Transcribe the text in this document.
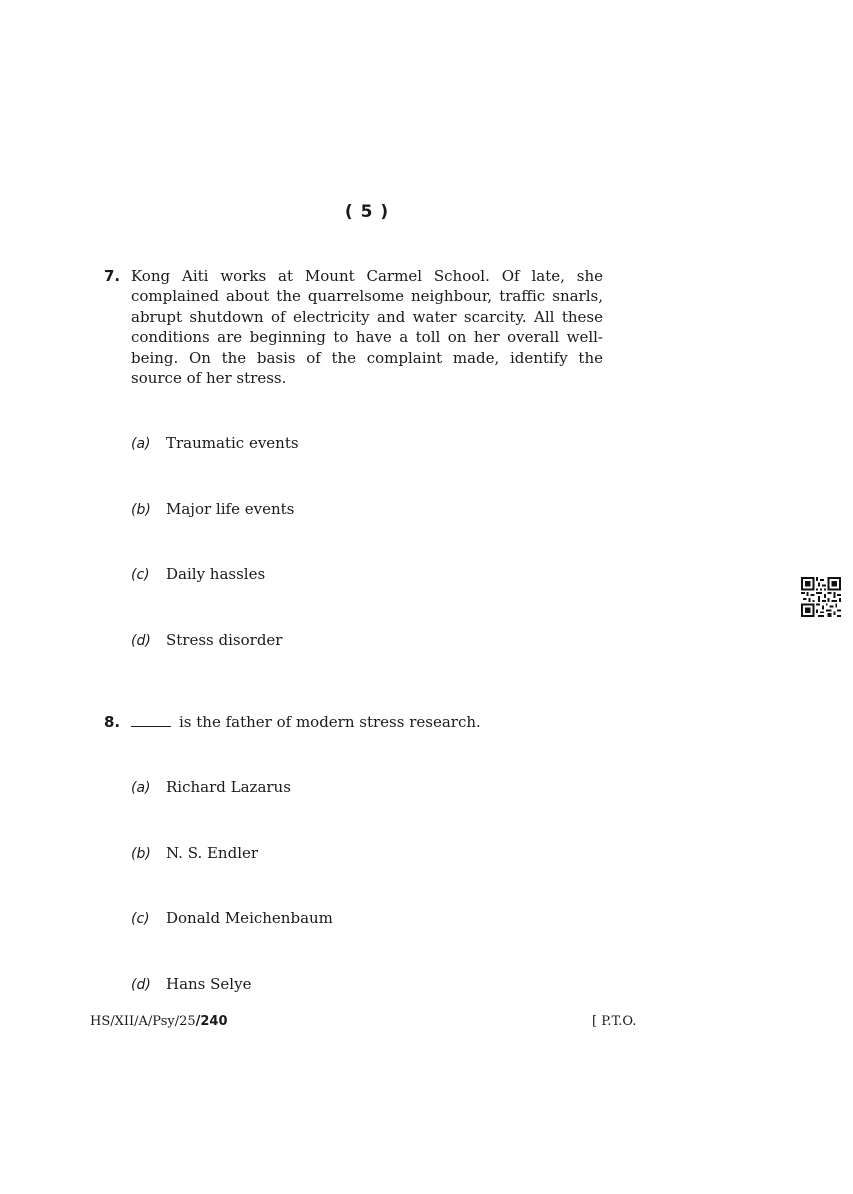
( 5 )
7. Kong Aiti works at Mount Carmel School. Of late, she complained about the quarrelsome neighbour, traffic snarls, abrupt shutdown of electricity and water scarcity. All these conditions are beginning to have a toll on her overall well-being. On the basis of the complaint made, identify the source of her stress.
(a) Traumatic events
(b) Major life events
(c) Daily hassles
(d) Stress disorder
8.	is the father of modern stress research.
(a) Richard Lazarus
(b) N. S. Endler
(c) Donald Meichenbaum
(d) Hans Selye
HS/XII/A/Psy/25/240	[ P.T.O.
